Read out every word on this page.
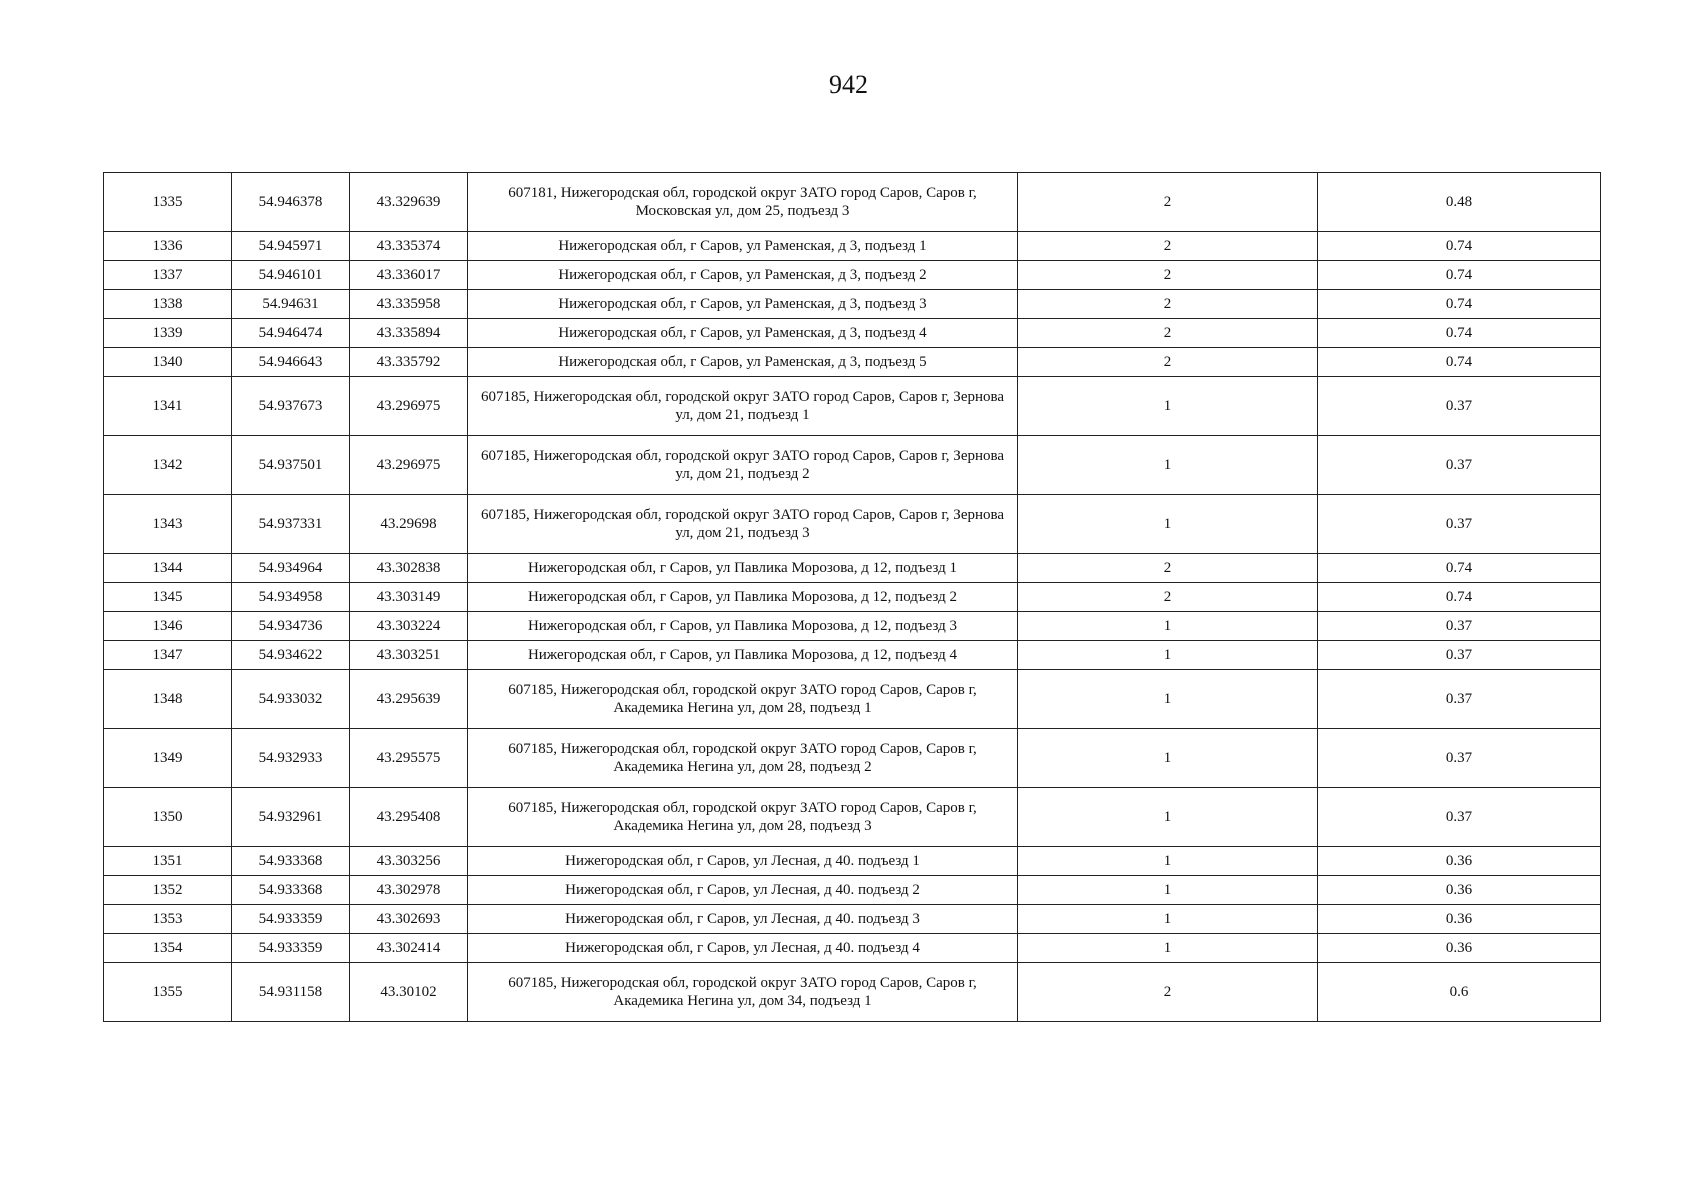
942
1335	54.946378	43.329639	607181, Нижегородская обл, городской округ ЗАТО город Саров, Саров г, Московская ул, дом 25, подъезд 3	2	0.48
1336	54.945971	43.335374	Нижегородская обл, г Саров, ул Раменская, д 3, подъезд 1	2	0.74
1337	54.946101	43.336017	Нижегородская обл, г Саров, ул Раменская, д 3, подъезд 2	2	0.74
1338	54.94631	43.335958	Нижегородская обл, г Саров, ул Раменская, д 3, подъезд 3	2	0.74
1339	54.946474	43.335894	Нижегородская обл, г Саров, ул Раменская, д 3, подъезд 4	2	0.74
1340	54.946643	43.335792	Нижегородская обл, г Саров, ул Раменская, д 3, подъезд 5	2	0.74
1341	54.937673	43.296975	607185, Нижегородская обл, городской округ ЗАТО город Саров, Саров г, Зернова ул, дом 21, подъезд 1	1	0.37
1342	54.937501	43.296975	607185, Нижегородская обл, городской округ ЗАТО город Саров, Саров г, Зернова ул, дом 21, подъезд 2	1	0.37
1343	54.937331	43.29698	607185, Нижегородская обл, городской округ ЗАТО город Саров, Саров г, Зернова ул, дом 21, подъезд 3	1	0.37
1344	54.934964	43.302838	Нижегородская обл, г Саров, ул Павлика Морозова, д 12, подъезд 1	2	0.74
1345	54.934958	43.303149	Нижегородская обл, г Саров, ул Павлика Морозова, д 12, подъезд 2	2	0.74
1346	54.934736	43.303224	Нижегородская обл, г Саров, ул Павлика Морозова, д 12, подъезд 3	1	0.37
1347	54.934622	43.303251	Нижегородская обл, г Саров, ул Павлика Морозова, д 12, подъезд 4	1	0.37
1348	54.933032	43.295639	607185, Нижегородская обл, городской округ ЗАТО город Саров, Саров г, Академика Негина ул, дом 28, подъезд 1	1	0.37
1349	54.932933	43.295575	607185, Нижегородская обл, городской округ ЗАТО город Саров, Саров г, Академика Негина ул, дом 28, подъезд 2	1	0.37
1350	54.932961	43.295408	607185, Нижегородская обл, городской округ ЗАТО город Саров, Саров г, Академика Негина ул, дом 28, подъезд 3	1	0.37
1351	54.933368	43.303256	Нижегородская обл, г Саров, ул Лесная, д 40. подъезд 1	1	0.36
1352	54.933368	43.302978	Нижегородская обл, г Саров, ул Лесная, д 40. подъезд 2	1	0.36
1353	54.933359	43.302693	Нижегородская обл, г Саров, ул Лесная, д 40. подъезд 3	1	0.36
1354	54.933359	43.302414	Нижегородская обл, г Саров, ул Лесная, д 40. подъезд 4	1	0.36
1355	54.931158	43.30102	607185, Нижегородская обл, городской округ ЗАТО город Саров, Саров г, Академика Негина ул, дом 34, подъезд 1	2	0.6
